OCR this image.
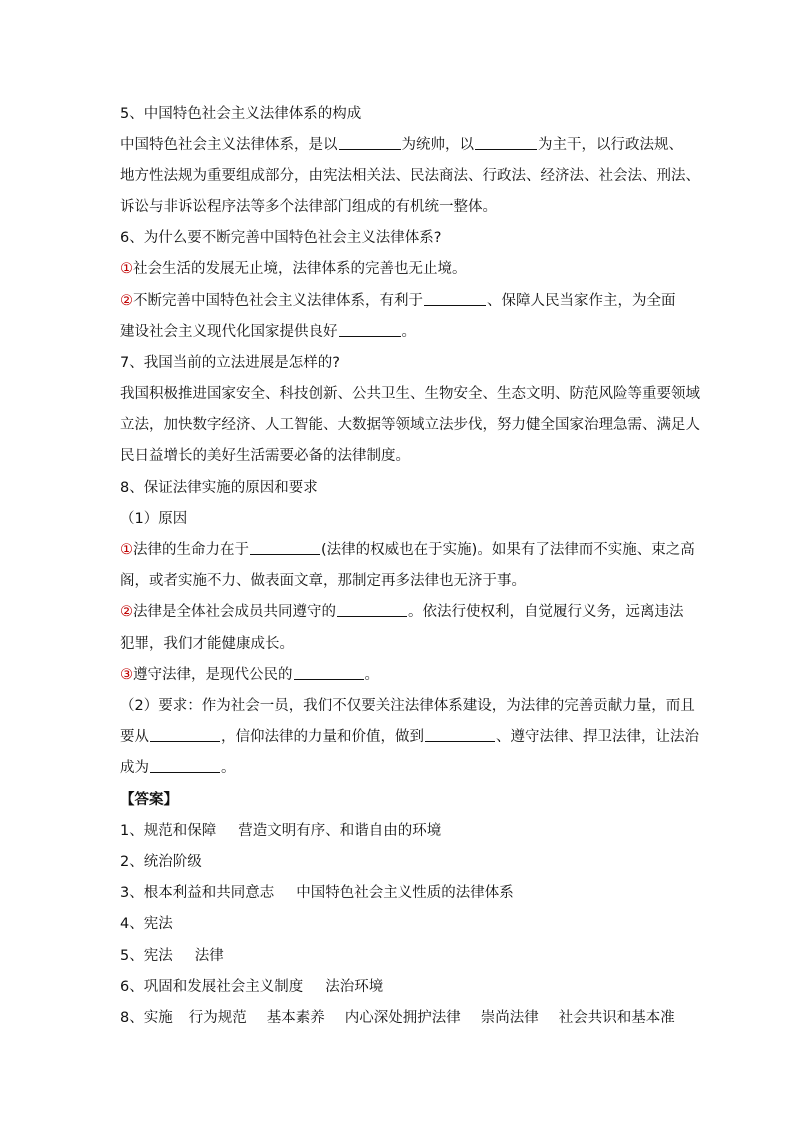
5、中国特色社会主义法律体系的构成
中国特色社会主义法律体系，是以	为统帅，以	为主干，以行政法规、
地方性法规为重要组成部分，由宪法相关法、民法商法、行政法、经济法、社会法、刑法、
诉讼与非诉讼程序法等多个法律部门组成的有机统一整体。
6、为什么要不断完善中国特色社会主义法律体系?
①社会生活的发展无止境，法律体系的完善也无止境。
②不断完善中国特色社会主义法律体系，有利于	、保障人民当家作主，为全面
建设社会主义现代化国家提供良好	。
7、我国当前的立法进展是怎样的?
我国积极推进国家安全、科技创新、公共卫生、生物安全、生态文明、防范风险等重要领域
立法，加快数字经济、人工智能、大数据等领域立法步伐，努力健全国家治理急需、满足人
民日益增长的美好生活需要必备的法律制度。
8、保证法律实施的原因和要求
（1）原因
①法律的生命力在于	(法律的权威也在于实施)。如果有了法律而不实施、束之高
阁，或者实施不力、做表面文章，那制定再多法律也无济于事。
②法律是全体社会成员共同遵守的	。依法行使权利，自觉履行义务，远离违法
犯罪，我们才能健康成长。
③遵守法律，是现代公民的	。
（2）要求：作为社会一员，我们不仅要关注法律体系建设，为法律的完善贡献力量，而且
要从	，信仰法律的力量和价值，做到	、遵守法律、捍卫法律，让法治
成为	。
【答案】
1、规范和保障 营造文明有序、和谐自由的环境
2、统治阶级
3、根本利益和共同意志 中国特色社会主义性质的法律体系
4、宪法
5、宪法 法律
6、巩固和发展社会主义制度 法治环境
8、实施 行为规范 基本素养 内心深处拥护法律 崇尚法律 社会共识和基本准
